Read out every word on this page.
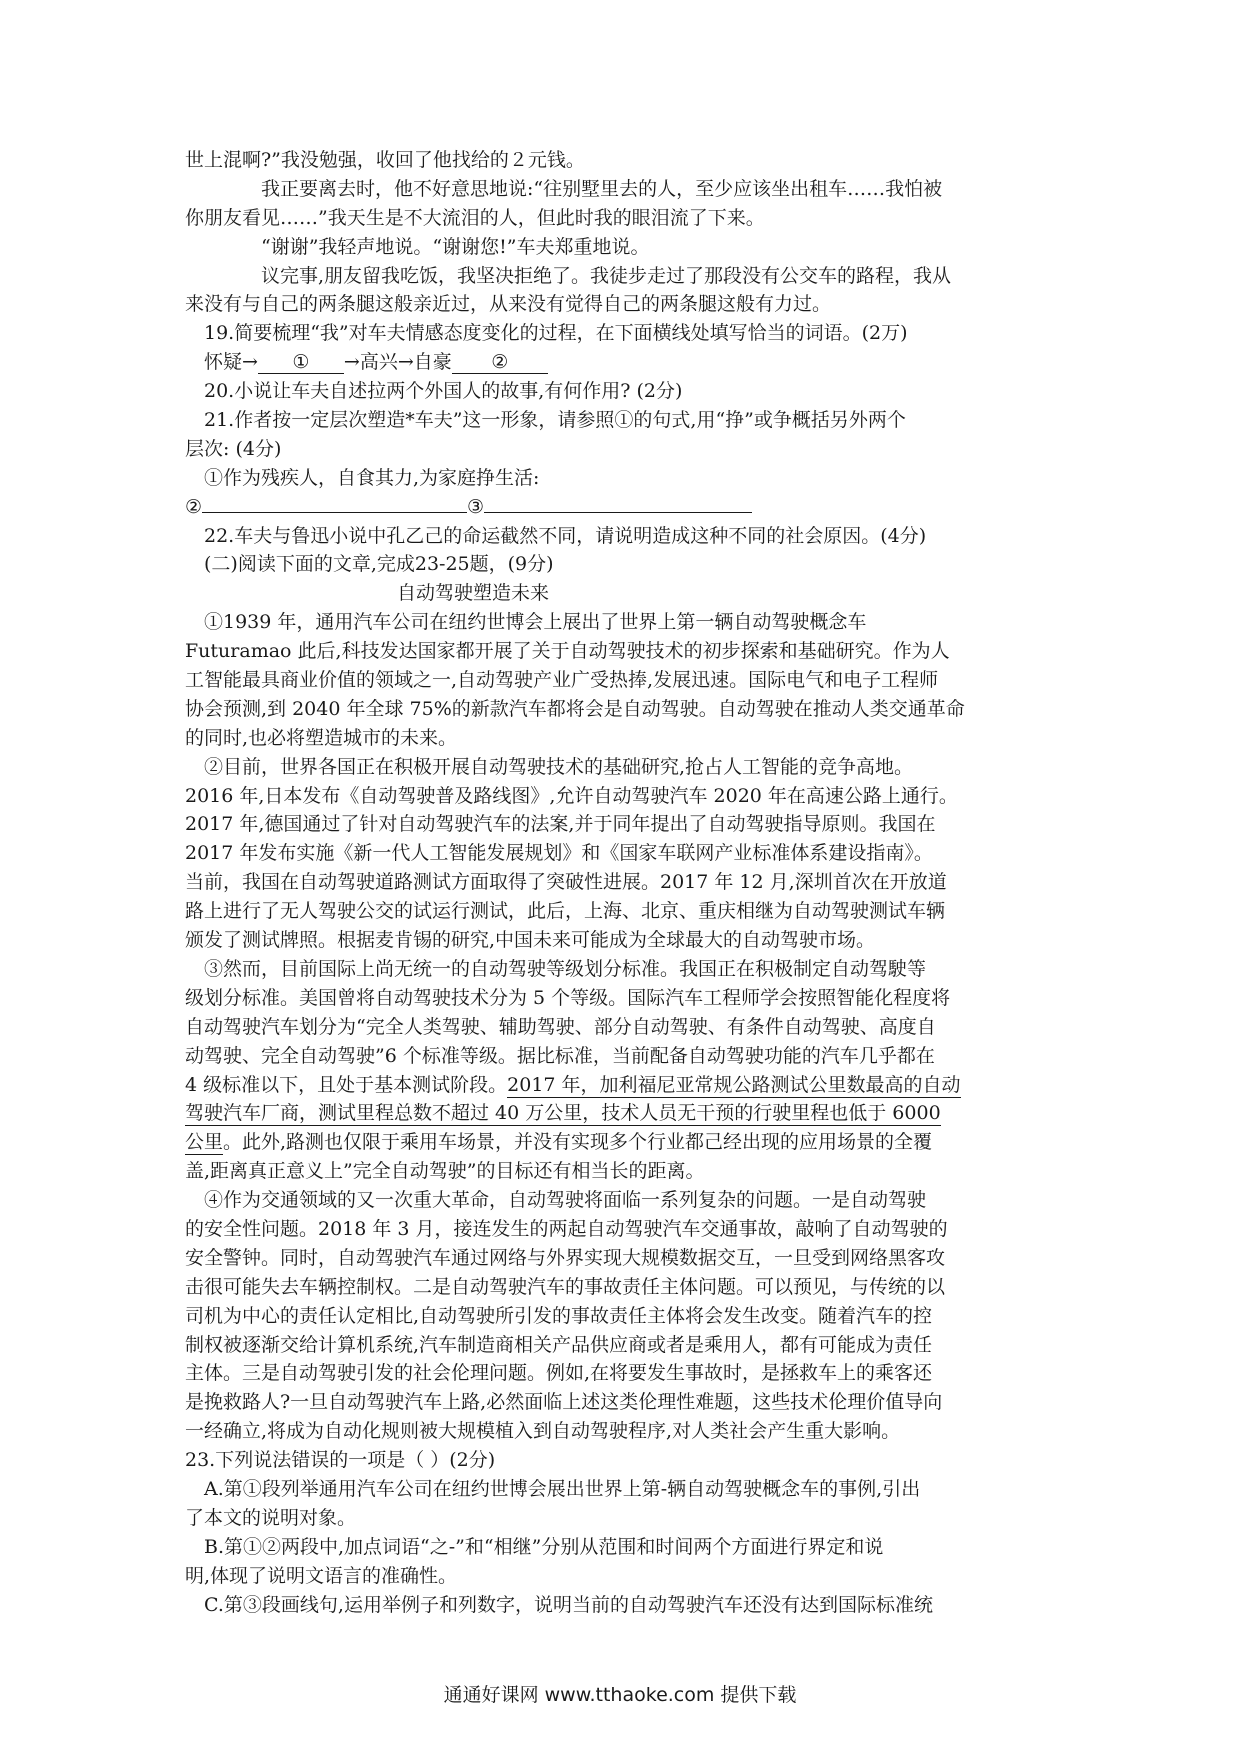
世上混啊?”我没勉强，收回了他找给的２元钱。
我正要离去时，他不好意思地说:“往别墅里去的人，至少应该坐出租车……我怕被
你朋友看见……”我天生是不大流泪的人，但此时我的眼泪流了下来。
“谢谢”我轻声地说。“谢谢您!”车夫郑重地说。
议完事,朋友留我吃饭，我坚决拒绝了。我徒步走过了那段没有公交车的路程，我从
来没有与自己的两条腿这般亲近过，从来没有觉得自己的两条腿这般有力过。
19.简要梳理“我”对车夫情感态度变化的过程，在下面横线处填写恰当的词语。(2万)
怀疑→ ① →高兴→自豪 ②
20.小说让车夫自述拉两个外国人的故事,有何作用? (2分)
21.作者按一定层次塑造*车夫”这一形象，请参照①的句式,用“挣”或争概括另外两个
层次: (4分)
①作为残疾人，自食其力,为家庭挣生活:
②	③
22.车夫与鲁迅小说中孔乙己的命运截然不同，请说明造成这种不同的社会原因。(4分)
(二)阅读下面的文章,完成23-25题，(9分)
自动驾驶塑造未来
①1939 年，通用汽车公司在纽约世博会上展出了世界上第一辆自动驾驶概念车
Futuramao 此后,科技发达国家都开展了关于自动驾驶技术的初步探索和基础研究。作为人
工智能最具商业价值的领域之一,自动驾驶产业广受热捧,发展迅速。国际电气和电子工程师
协会预测,到 2040 年全球 75%的新款汽车都将会是自动驾驶。自动驾驶在推动人类交通革命
的同时,也必将塑造城市的未来。
②目前，世界各国正在积极开展自动驾驶技术的基础研究,抢占人工智能的竞争高地。
2016 年,日本发布《自动驾驶普及路线图》,允许自动驾驶汽车 2020 年在高速公路上通行。
2017 年,德国通过了针对自动驾驶汽车的法案,并于同年提出了自动驾驶指导原则。我国在
2017 年发布实施《新一代人工智能发展规划》和《国家车联网产业标准体系建设指南》。
当前，我国在自动驾驶道路测试方面取得了突破性进展。2017 年 12 月,深圳首次在开放道
路上进行了无人驾驶公交的试运行测试，此后，上海、北京、重庆相继为自动驾驶测试车辆
颁发了测试牌照。根据麦肯锡的研究,中国未来可能成为全球最大的自动驾驶市场。
③然而，目前国际上尚无统一的自动驾驶等级划分标准。我国正在积极制定自动驾駛等
级划分标准。美国曾将自动驾驶技术分为 5 个等级。国际汽车工程师学会按照智能化程度将
自动驾驶汽车划分为“完全人类驾驶、辅助驾驶、部分自动驾驶、有条件自动驾驶、高度自
动驾驶、完全自动驾驶”6 个标准等级。据比标准，当前配备自动驾驶功能的汽车几乎都在
4 级标准以下，且处于基本测试阶段。2017 年，加利福尼亚常规公路测试公里数最高的自动
驾驶汽车厂商，测试里程总数不超过 40 万公里，技术人员无干预的行驶里程也低于 6000
公里。此外,路测也仅限于乘用车场景，并没有实现多个行业都己经出现的应用场景的全覆
盖,距离真正意义上”完全自动驾驶”的目标还有相当长的距离。
④作为交通领域的又一次重大革命，自动驾驶将面临一系列复杂的问题。一是自动驾驶
的安全性问题。2018 年 3 月，接连发生的两起自动驾驶汽车交通事故，敲响了自动驾驶的
安全警钟。同时，自动驾驶汽车通过网络与外界实现大规模数据交互，一旦受到网络黑客攻
击很可能失去车辆控制权。二是自动驾驶汽车的事故责任主体问题。可以预见，与传统的以
司机为中心的责任认定相比,自动驾驶所引发的事故责任主体将会发生改变。随着汽车的控
制权被逐渐交给计算机系统,汽车制造商相关产品供应商或者是乘用人，都有可能成为责任
主体。三是自动驾驶引发的社会伦理问题。例如,在将要发生事故时，是拯救车上的乘客还
是挽救路人?一旦自动驾驶汽车上路,必然面临上述这类伦理性难题，这些技术伦理价值导向
一经确立,将成为自动化规则被大规模植入到自动驾驶程序,对人类社会产生重大影响。
23.下列说法错误的一项是（ ）(2分)
A.第①段列举通用汽车公司在纽约世博会展出世界上第-辆自动驾驶概念车的事例,引出
了本文的说明对象。
B.第①②两段中,加点词语“之-”和“相继”分别从范围和时间两个方面进行界定和说
明,体现了说明文语言的准确性。
C.第③段画线句,运用举例子和列数字，说明当前的自动驾驶汽车还没有达到国际标准统
通通好课网 www.tthaoke.com 提供下载
